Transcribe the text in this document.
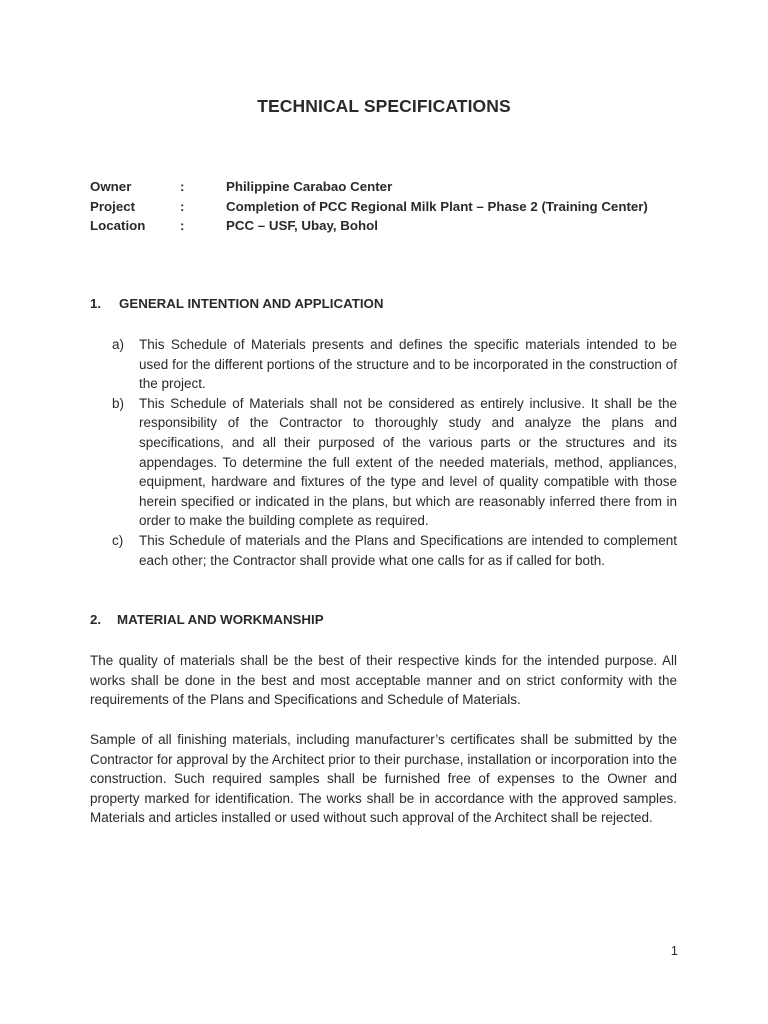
TECHNICAL SPECIFICATIONS
Owner	:	Philippine Carabao Center
Project	:	Completion of PCC Regional Milk Plant – Phase 2 (Training Center)
Location	:	PCC – USF, Ubay, Bohol
1. GENERAL INTENTION AND APPLICATION
a) This Schedule of Materials presents and defines the specific materials intended to be used for the different portions of the structure and to be incorporated in the construction of the project.
b) This Schedule of Materials shall not be considered as entirely inclusive. It shall be the responsibility of the Contractor to thoroughly study and analyze the plans and specifications, and all their purposed of the various parts or the structures and its appendages. To determine the full extent of the needed materials, method, appliances, equipment, hardware and fixtures of the type and level of quality compatible with those herein specified or indicated in the plans, but which are reasonably inferred there from in order to make the building complete as required.
c) This Schedule of materials and the Plans and Specifications are intended to complement each other; the Contractor shall provide what one calls for as if called for both.
2. MATERIAL AND WORKMANSHIP
The quality of materials shall be the best of their respective kinds for the intended purpose. All works shall be done in the best and most acceptable manner and on strict conformity with the requirements of the Plans and Specifications and Schedule of Materials.
Sample of all finishing materials, including manufacturer’s certificates shall be submitted by the Contractor for approval by the Architect prior to their purchase, installation or incorporation into the construction. Such required samples shall be furnished free of expenses to the Owner and property marked for identification. The works shall be in accordance with the approved samples. Materials and articles installed or used without such approval of the Architect shall be rejected.
1
